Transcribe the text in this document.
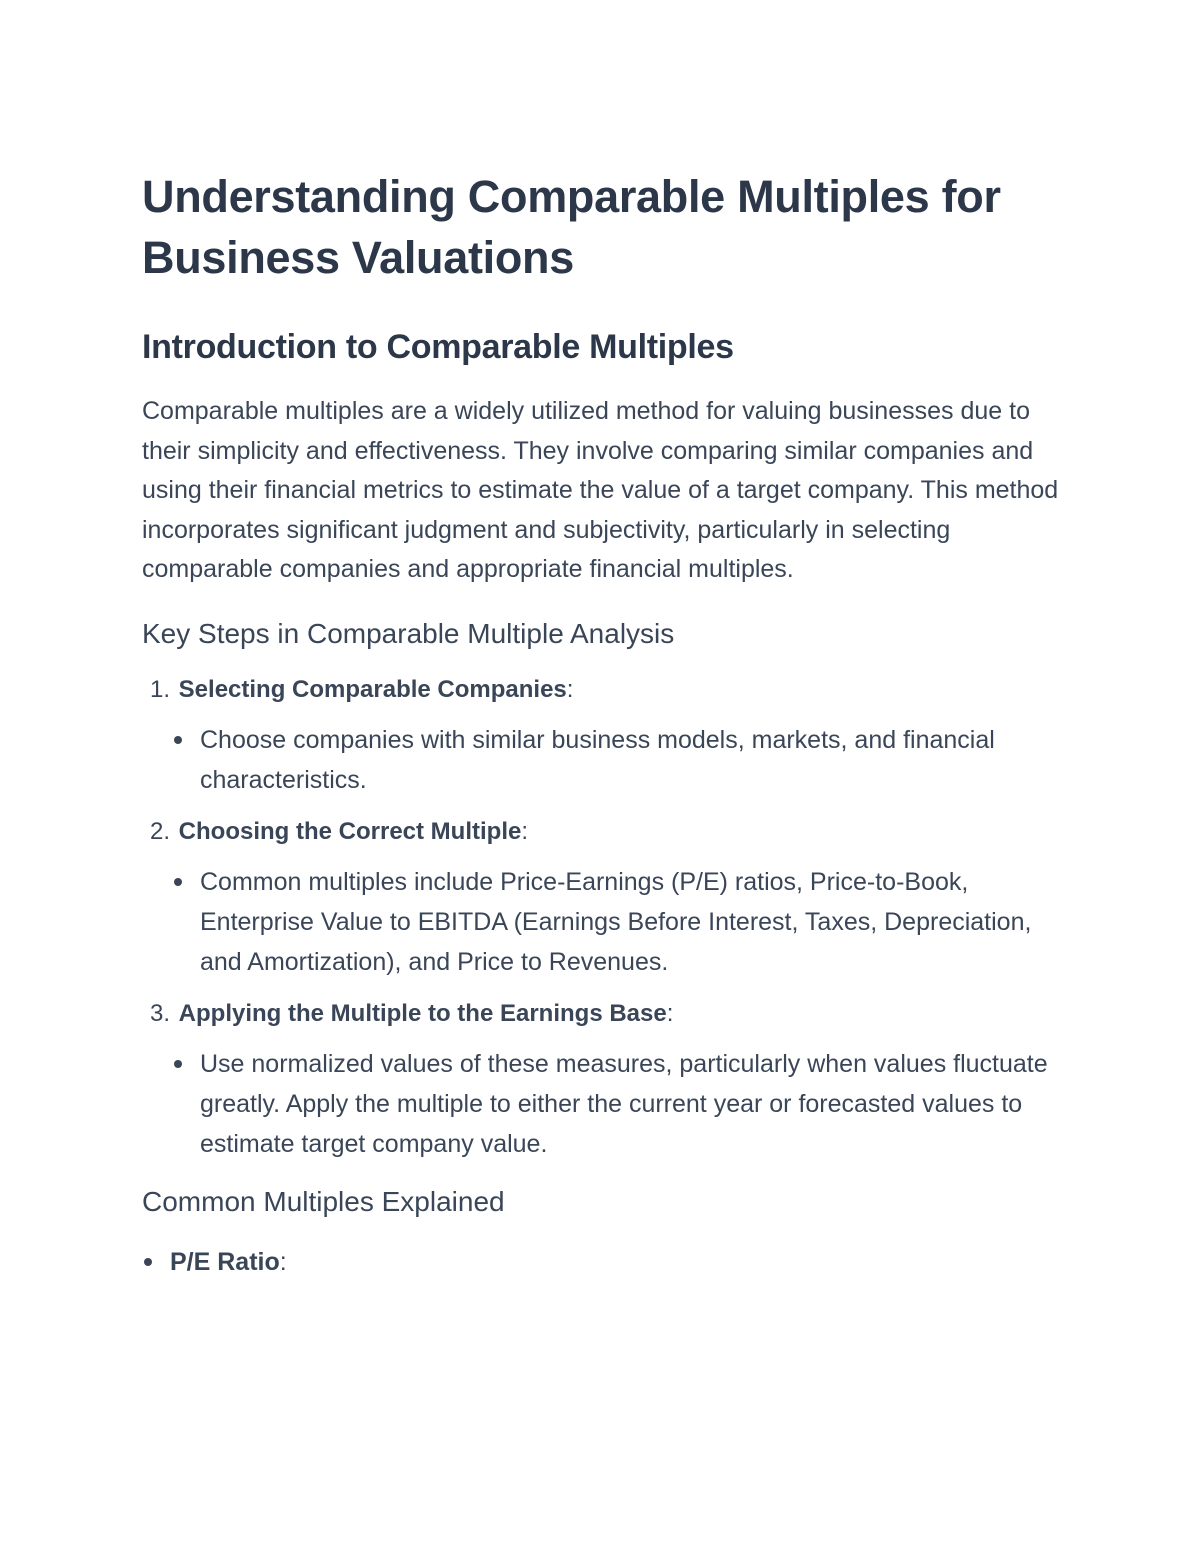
Understanding Comparable Multiples for Business Valuations
Introduction to Comparable Multiples

Comparable multiples are a widely utilized method for valuing businesses due to their simplicity and effectiveness. They involve comparing similar companies and using their financial metrics to estimate the value of a target company. This method incorporates significant judgment and subjectivity, particularly in selecting comparable companies and appropriate financial multiples.

Key Steps in Comparable Multiple Analysis
1.
Selecting Comparable Companies :
Choose companies with similar business models, markets, and financial characteristics.
2.
Choosing the Correct Multiple :
Common multiples include Price-Earnings (P/E) ratios, Price-to-Book, Enterprise Value to EBITDA (Earnings Before Interest, Taxes, Depreciation, and Amortization), and Price to Revenues.
3.
Applying the Multiple to the Earnings Base :
Use normalized values of these measures, particularly when values fluctuate greatly. Apply the multiple to either the current year or forecasted values to estimate target company value.
Common Multiples Explained
P/E Ratio:
